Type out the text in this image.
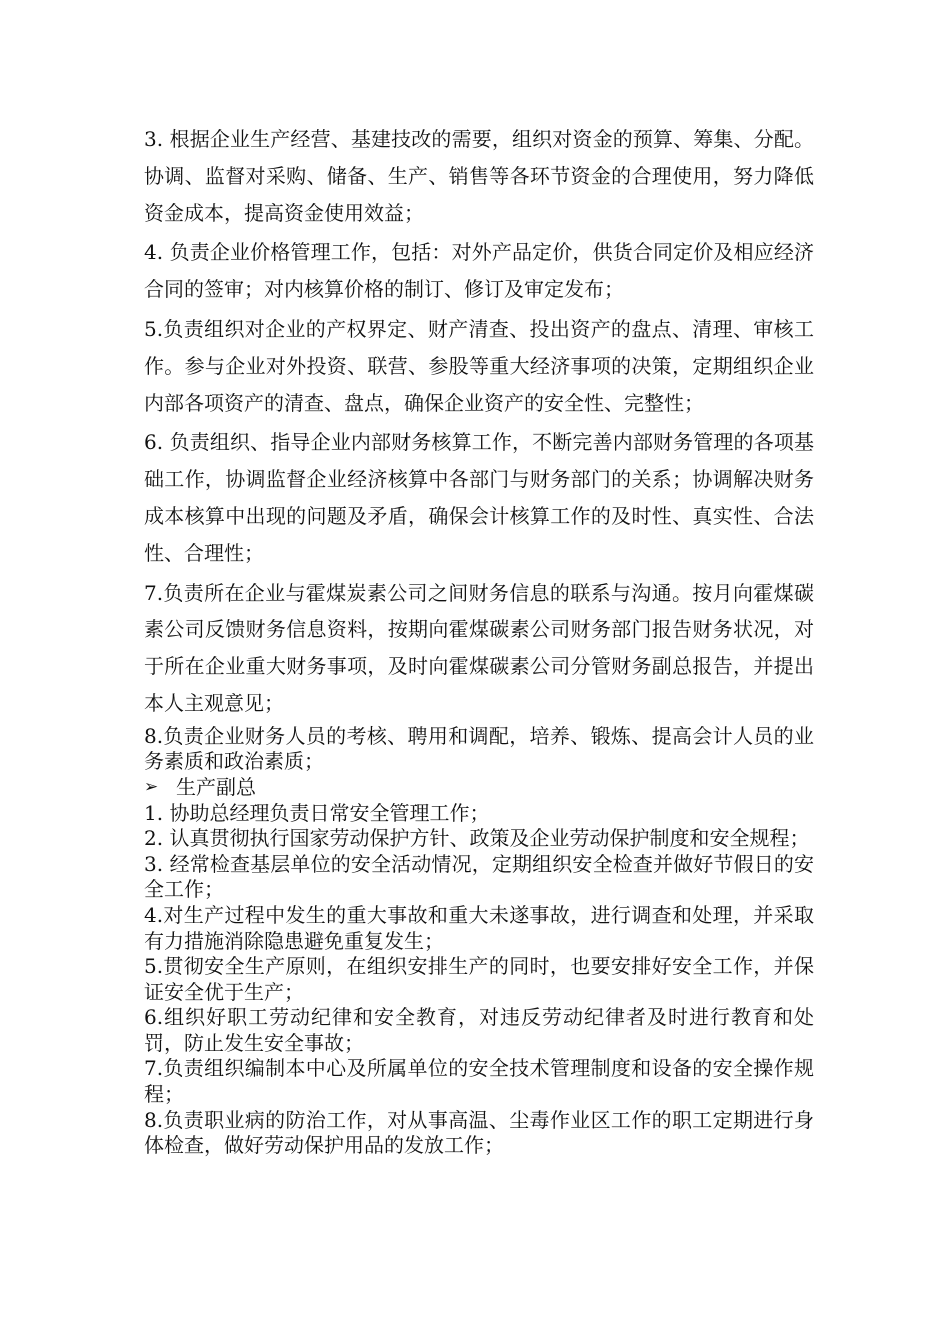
3. 根据企业生产经营、基建技改的需要，组织对资金的预算、筹集、分配。协调、监督对采购、储备、生产、销售等各环节资金的合理使用，努力降低资金成本，提高资金使用效益；

4. 负责企业价格管理工作，包括：对外产品定价，供货合同定价及相应经济合同的签审；对内核算价格的制订、修订及审定发布；

5.负责组织对企业的产权界定、财产清查、投出资产的盘点、清理、审核工作。参与企业对外投资、联营、参股等重大经济事项的决策，定期组织企业内部各项资产的清查、盘点，确保企业资产的安全性、完整性；

6. 负责组织、指导企业内部财务核算工作，不断完善内部财务管理的各项基础工作，协调监督企业经济核算中各部门与财务部门的关系；协调解决财务成本核算中出现的问题及矛盾，确保会计核算工作的及时性、真实性、合法性、合理性；

7.负责所在企业与霍煤炭素公司之间财务信息的联系与沟通。按月向霍煤碳素公司反馈财务信息资料，按期向霍煤碳素公司财务部门报告财务状况，对于所在企业重大财务事项，及时向霍煤碳素公司分管财务副总报告，并提出本人主观意见；

8.负责企业财务人员的考核、聘用和调配，培养、锻炼、提高会计人员的业务素质和政治素质；

➢ 生产副总

1. 协助总经理负责日常安全管理工作；

2. 认真贯彻执行国家劳动保护方针、政策及企业劳动保护制度和安全规程；

3. 经常检查基层单位的安全活动情况，定期组织安全检查并做好节假日的安全工作；

4.对生产过程中发生的重大事故和重大未遂事故，进行调查和处理，并采取有力措施消除隐患避免重复发生；

5.贯彻安全生产原则，在组织安排生产的同时，也要安排好安全工作，并保证安全优于生产；

6.组织好职工劳动纪律和安全教育，对违反劳动纪律者及时进行教育和处罚，防止发生安全事故；

7.负责组织编制本中心及所属单位的安全技术管理制度和设备的安全操作规程；

8.负责职业病的防治工作，对从事高温、尘毒作业区工作的职工定期进行身体检查，做好劳动保护用品的发放工作；
